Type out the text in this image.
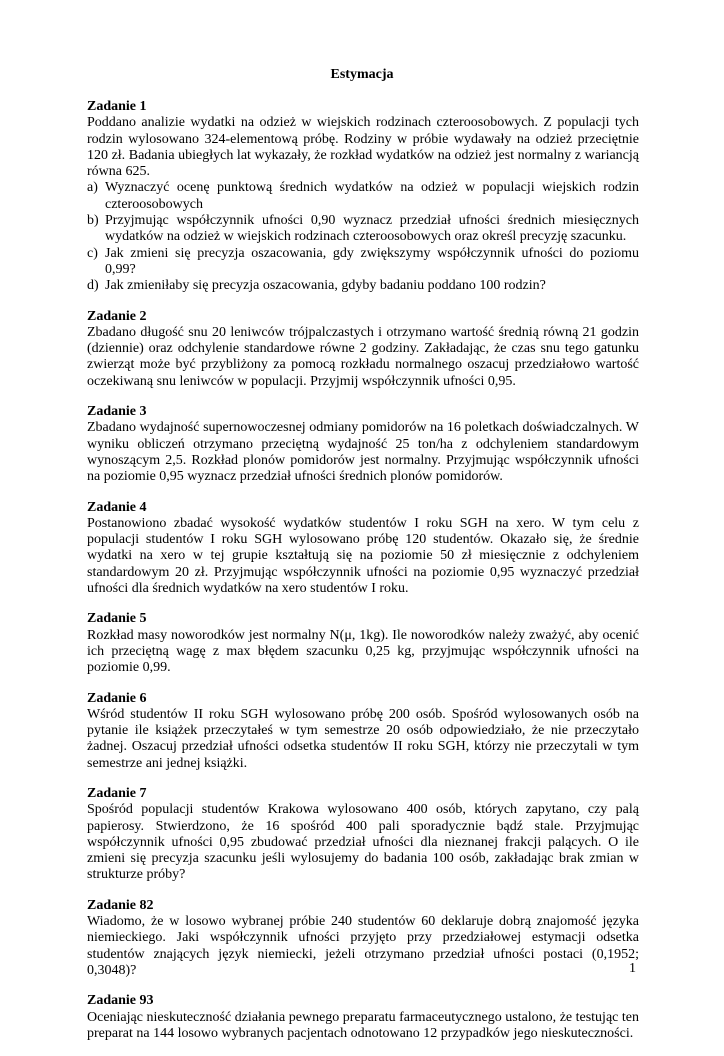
Estymacja
Zadanie 1

Poddano analizie wydatki na odzież w wiejskich rodzinach czteroosobowych. Z populacji tych rodzin wylosowano 324-elementową próbę. Rodziny w próbie wydawały na odzież przeciętnie 120 zł. Badania ubiegłych lat wykazały, że rozkład wydatków na odzież jest normalny z wariancją równa 625.

a) Wyznaczyć ocenę punktową średnich wydatków na odzież w populacji wiejskich rodzin czteroosobowych
b) Przyjmując współczynnik ufności 0,90 wyznacz przedział ufności średnich miesięcznych wydatków na odzież w wiejskich rodzinach czteroosobowych oraz określ precyzję szacunku.
c) Jak zmieni się precyzja oszacowania, gdy zwiększymy współczynnik ufności do poziomu 0,99?
d) Jak zmieniłaby się precyzja oszacowania, gdyby badaniu poddano 100 rodzin?
Zadanie 2

Zbadano długość snu 20 leniwców trójpalczastych i otrzymano wartość średnią równą 21 godzin (dziennie) oraz odchylenie standardowe równe 2 godziny. Zakładając, że czas snu tego gatunku zwierząt może być przybliżony za pomocą rozkładu normalnego oszacuj przedziałowo wartość oczekiwaną snu leniwców w populacji. Przyjmij współczynnik ufności 0,95.

Zadanie 3

Zbadano wydajność supernowoczesnej odmiany pomidorów na 16 poletkach doświadczalnych. W wyniku obliczeń otrzymano przeciętną wydajność 25 ton/ha z odchyleniem standardowym wynoszącym 2,5. Rozkład plonów pomidorów jest normalny. Przyjmując współczynnik ufności na poziomie 0,95 wyznacz przedział ufności średnich plonów pomidorów.

Zadanie 4

Postanowiono zbadać wysokość wydatków studentów I roku SGH na xero. W tym celu z populacji studentów I roku SGH wylosowano próbę 120 studentów. Okazało się, że średnie wydatki na xero w tej grupie kształtują się na poziomie 50 zł miesięcznie z odchyleniem standardowym 20 zł. Przyjmując współczynnik ufności na poziomie 0,95 wyznaczyć przedział ufności dla średnich wydatków na xero studentów I roku.

Zadanie 5

Rozkład masy noworodków jest normalny N(μ, 1kg). Ile noworodków należy zważyć, aby ocenić ich przeciętną wagę z max błędem szacunku 0,25 kg, przyjmując współczynnik ufności na poziomie 0,99.

Zadanie 6

Wśród studentów II roku SGH wylosowano próbę 200 osób. Spośród wylosowanych osób na pytanie ile książek przeczytałeś w tym semestrze 20 osób odpowiedziało, że nie przeczytało żadnej. Oszacuj przedział ufności odsetka studentów II roku SGH, którzy nie przeczytali w tym semestrze ani jednej książki.

Zadanie 7

Spośród populacji studentów Krakowa wylosowano 400 osób, których zapytano, czy palą papierosy. Stwierdzono, że 16 spośród 400 pali sporadycznie bądź stale. Przyjmując współczynnik ufności 0,95 zbudować przedział ufności dla nieznanej frakcji palących. O ile zmieni się precyzja szacunku jeśli wylosujemy do badania 100 osób, zakładając brak zmian w strukturze próby?

Zadanie 82

Wiadomo, że w losowo wybranej próbie 240 studentów 60 deklaruje dobrą znajomość języka niemieckiego. Jaki współczynnik ufności przyjęto przy przedziałowej estymacji odsetka studentów znających język niemiecki, jeżeli otrzymano przedział ufności postaci (0,1952; 0,3048)?

Zadanie 93

Oceniając nieskuteczność działania pewnego preparatu farmaceutycznego ustalono, że testując ten preparat na 144 losowo wybranych pacjentach odnotowano 12 przypadków jego nieskuteczności.

1
